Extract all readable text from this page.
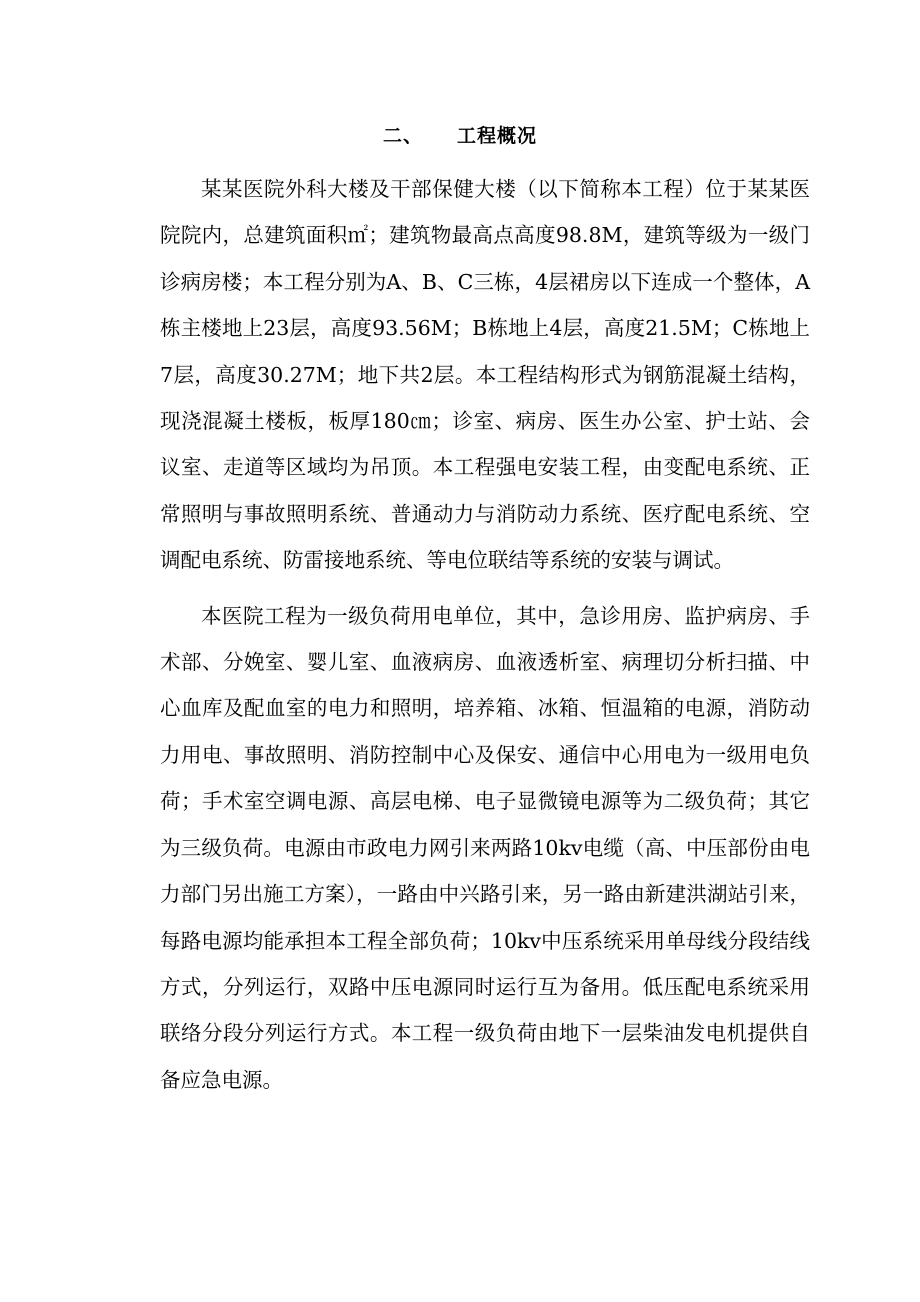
二、 工程概况

某某医院外科大楼及干部保健大楼（以下简称本工程）位于某某医院院内，总建筑面积㎡；建筑物最高点高度98.8M，建筑等级为一级门诊病房楼；本工程分别为A、B、C三栋，4层裙房以下连成一个整体，A栋主楼地上23层，高度93.56M；B栋地上4层，高度21.5M；C栋地上7层，高度30.27M；地下共2层。本工程结构形式为钢筋混凝土结构，现浇混凝土楼板，板厚180㎝；诊室、病房、医生办公室、护士站、会议室、走道等区域均为吊顶。本工程强电安装工程，由变配电系统、正常照明与事故照明系统、普通动力与消防动力系统、医疗配电系统、空调配电系统、防雷接地系统、等电位联结等系统的安装与调试。

本医院工程为一级负荷用电单位，其中，急诊用房、监护病房、手术部、分娩室、婴儿室、血液病房、血液透析室、病理切分析扫描、中心血库及配血室的电力和照明，培养箱、冰箱、恒温箱的电源，消防动力用电、事故照明、消防控制中心及保安、通信中心用电为一级用电负荷；手术室空调电源、高层电梯、电子显微镜电源等为二级负荷；其它为三级负荷。电源由市政电力网引来两路10kv电缆（高、中压部份由电力部门另出施工方案），一路由中兴路引来，另一路由新建洪湖站引来，每路电源均能承担本工程全部负荷；10kv中压系统采用单母线分段结线方式，分列运行，双路中压电源同时运行互为备用。低压配电系统采用联络分段分列运行方式。本工程一级负荷由地下一层柴油发电机提供自备应急电源。
